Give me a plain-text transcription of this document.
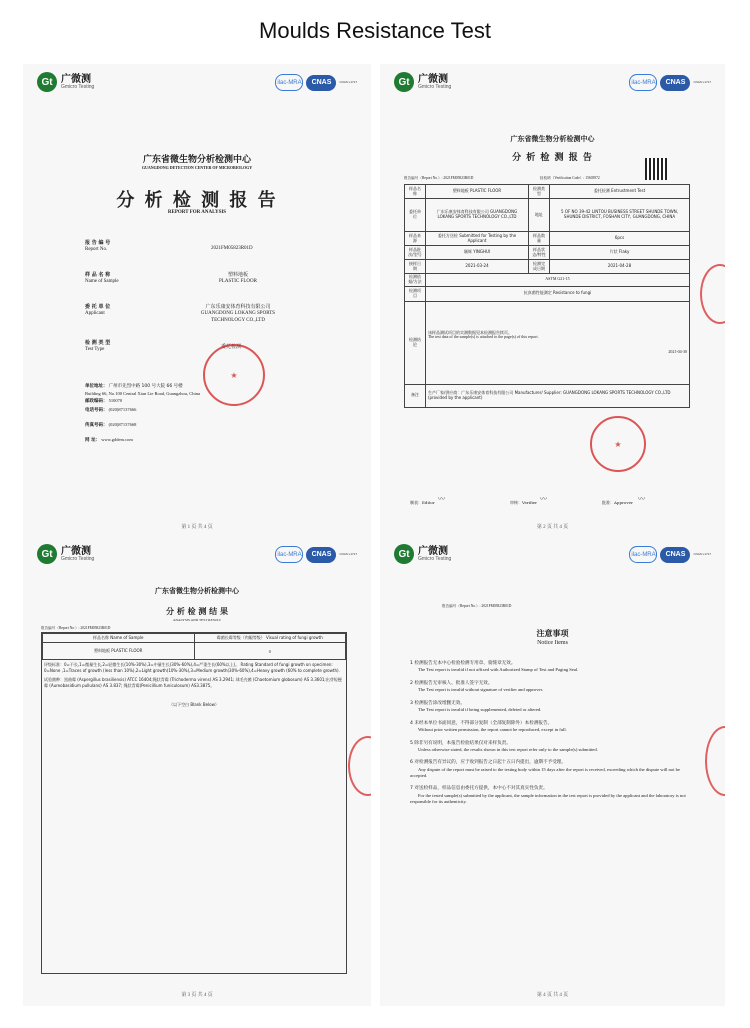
Moulds Resistance Test
Gt 广微测
Gmicro Testing
ilac-MRA	CNAS	CNAS L1717
广东省微生物分析检测中心
GUANGDONG DETECTION CENTER OF MICROBIOLOGY
分 析 检 测 报 告
REPORT FOR ANALYSIS
报 告 编 号
Report No.	2021FM05823R01D
样 品 名 称
Name of Sample
塑料地板
PLASTIC FLOOR
委 托 单 位
Applicant
广东乐康安体育科技有限公司
GUANGDONG LOKANG SPORTS
TECHNOLOGY CO.,LTD
检 测 类 型
Test Type	委托检测
单位地址： 广州市先烈中路 100 号大院 66 号楼
Building 66, No.100 Central Xian Lie Road, Guangzhou, China
邮政编码： 510070
电话号码： (020)87137666

传真号码： (020)87137668

网 址： www.gddem.com
★
第 1 页 共 4 页
Gt 广微测
Gmicro Testing
ilac-MRA	CNAS	CNAS L1717
广东省微生物分析检测中心
分 析 检 测 报 告
报告编号（Report No.）: 2021FM05823R01D	检验码（Verification Code）: 15603972
样品名称	塑料地板 PLASTIC FLOOR	检测类型	委托检测 Entrustment Test
委托单位	广东乐康安体育科技有限公司 GUANGDONG LOKANG SPORTS TECHNOLOGY CO.,LTD	地址	5 OF NO 39-42 LINTOU BUSINESS STREET SHUNDE TOWN, SHUNDE DISTRICT, FOSHAN CITY, GUANGDONG, CHINA
样品来源	委托方送检 Submitted for Testing by the Applicant	样品数量	6pcs
样品批次/型号	颖辉 YINGHUI	样品状态/特性	片状 Flaky
接样日期	2021-03-24	检测完成日期	2021-04-28
检测依据/方法	ASTM G21-15		
检测项目	抗真菌性能测定 Resistance to fungi		
检测结论	该样品测试项目的实测数据见本检测报告续页。
The test data of the sample(s) is attached to the page(s) of this report.

2021-04-30		

备注	生产厂家/供应商：广东乐康安体育科技有限公司 Manufacturer/ Supplier: GUANGDONG LOKANG SPORTS TECHNOLOGY CO.,LTD (provided by the applicant)		
★
制表：Editor	审核：Verifier	批准：Approver
〰	〰	〰
第 2 页 共 4 页
Gt 广微测
Gmicro Testing
ilac-MRA	CNAS	CNAS L1717
广东省微生物分析检测中心
分 析 检 测 结 果
ANALYSIS AND TEST RESULT
报告编号（Report No.）: 2021FM05823R01D
样品名称 Name of Sample	霉菌长霉等级（肉眼等级） Visual rating of fungi growth
塑料地板 PLASTIC FLOOR	0
评级标准：0=不长,1=微量生长,2=轻微生长(10%-30%),3=中量生长(30%-60%),4=严重生长(60%以上)。 Rating Standard of fungi growth on specimen: 0=None ,1=Traces of growth (less than 10%),2=Light growth(10%-30%),3=Medium growth(30%-60%),4=Heavy growth (60% to complete growth).
试验菌种：黑曲霉 (Aspergillus brasiliensis) ATCC 16404;绳状青霉 (Trichoderma virens) AS 3.2941; 球毛壳菌 (Chaetomium globosum) AS 3.3601;出芽短梗霉 (Aureobasidium pullulans) AS 3.837; 绳状青霉(Penicillium funiculosum) AS3.3875。
（以下空白 Blank Below）
第 3 页 共 4 页
Gt 广微测
Gmicro Testing
ilac-MRA	CNAS	CNAS L1717
报告编号（Report No.）: 2021FM05823R01D
注意事项
Notice Items

1 检测报告无本中心检验检测专用章、骑缝章无效。
The Test report is invalid if not affixed with Authorized Stamp of Test and Paging Seal.

2 检测报告无审核人、批准人签字无效。
The Test report is invalid without signature of verifier and approver.

3 检测报告涂改增删无效。
The Test report is invalid if being supplemented, deleted or altered.

4 未经本单位书面同意，不得部分复制（全部复制除外）本检测报告。
Without prior written permission, the report cannot be reproduced, except in full.

5 除非另有说明，本报告检验结果仅对来样负责。
Unless otherwise stated, the results shown in this test report refer only to the sample(s) submitted.

6 对检测报告有异议的，应于收到报告之日起十五日内提出，逾期不予受理。
Any dispute of the report must be raised to the testing body within 15 days after the report is received, exceeding which the dispute will not be accepted.

7 对送检样品，样品信息由委托方提供，本中心不对其真实性负责。
For the tested sample(s) submitted by the applicant, the sample information in the test report is provided by the applicant and the laboratory is not responsible for its authenticity.

第 4 页 共 4 页
